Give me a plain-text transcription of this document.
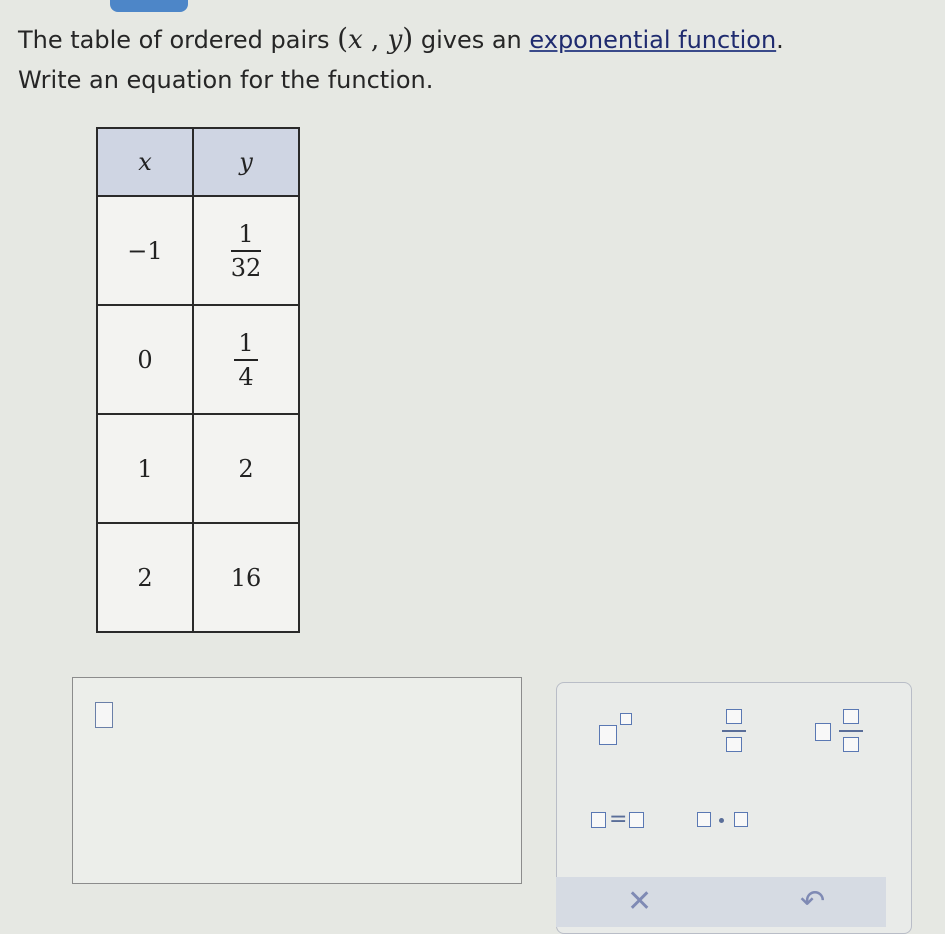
The table of ordered pairs (x , y) gives an exponential function.
Write an equation for the function.
x	y
−1	$\frac{1}{32}$

0	$\frac{1}{4}$

1	2
2	16
=
✕	↶
